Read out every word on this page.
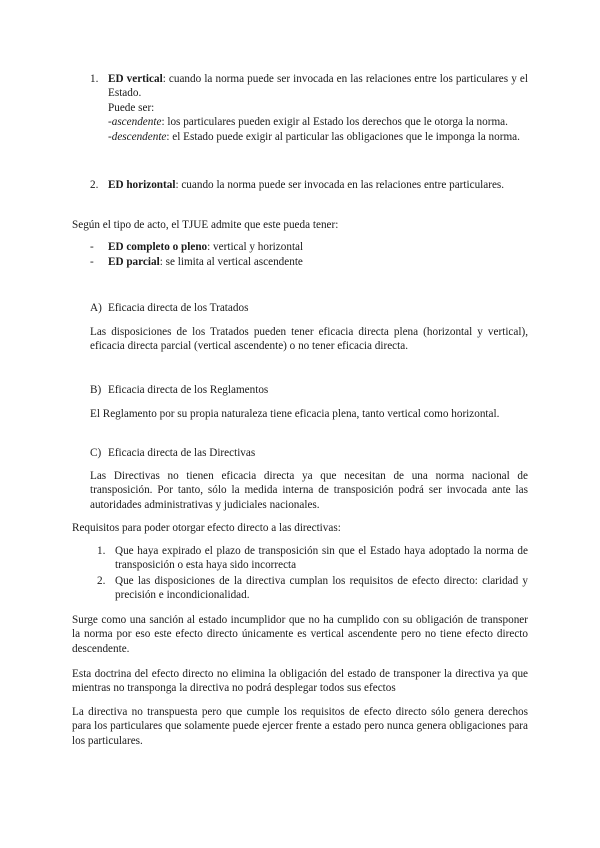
1. ED vertical: cuando la norma puede ser invocada en las relaciones entre los particulares y el Estado.

Puede ser:

-ascendente: los particulares pueden exigir al Estado los derechos que le otorga la norma.

-descendente: el Estado puede exigir al particular las obligaciones que le imponga la norma.

2. ED horizontal: cuando la norma puede ser invocada en las relaciones entre particulares.

Según el tipo de acto, el TJUE admite que este pueda tener:

-	ED completo o pleno: vertical y horizontal

-	ED parcial: se limita al vertical ascendente

A) Eficacia directa de los Tratados

Las disposiciones de los Tratados pueden tener eficacia directa plena (horizontal y vertical), eficacia directa parcial (vertical ascendente) o no tener eficacia directa.

B) Eficacia directa de los Reglamentos

El Reglamento por su propia naturaleza tiene eficacia plena, tanto vertical como horizontal.

C) Eficacia directa de las Directivas

Las Directivas no tienen eficacia directa ya que necesitan de una norma nacional de transposición. Por tanto, sólo la medida interna de transposición podrá ser invocada ante las autoridades administrativas y judiciales nacionales.

Requisitos para poder otorgar efecto directo a las directivas:

1. Que haya expirado el plazo de transposición sin que el Estado haya adoptado la norma de transposición o esta haya sido incorrecta

2. Que las disposiciones de la directiva cumplan los requisitos de efecto directo: claridad y precisión e incondicionalidad.

Surge como una sanción al estado incumplidor que no ha cumplido con su obligación de transponer la norma por eso este efecto directo únicamente es vertical ascendente pero no tiene efecto directo descendente.

Esta doctrina del efecto directo no elimina la obligación del estado de transponer la directiva ya que mientras no transponga la directiva no podrá desplegar todos sus efectos

La directiva no transpuesta pero que cumple los requisitos de efecto directo sólo genera derechos para los particulares que solamente puede ejercer frente a estado pero nunca genera obligaciones para los particulares.
